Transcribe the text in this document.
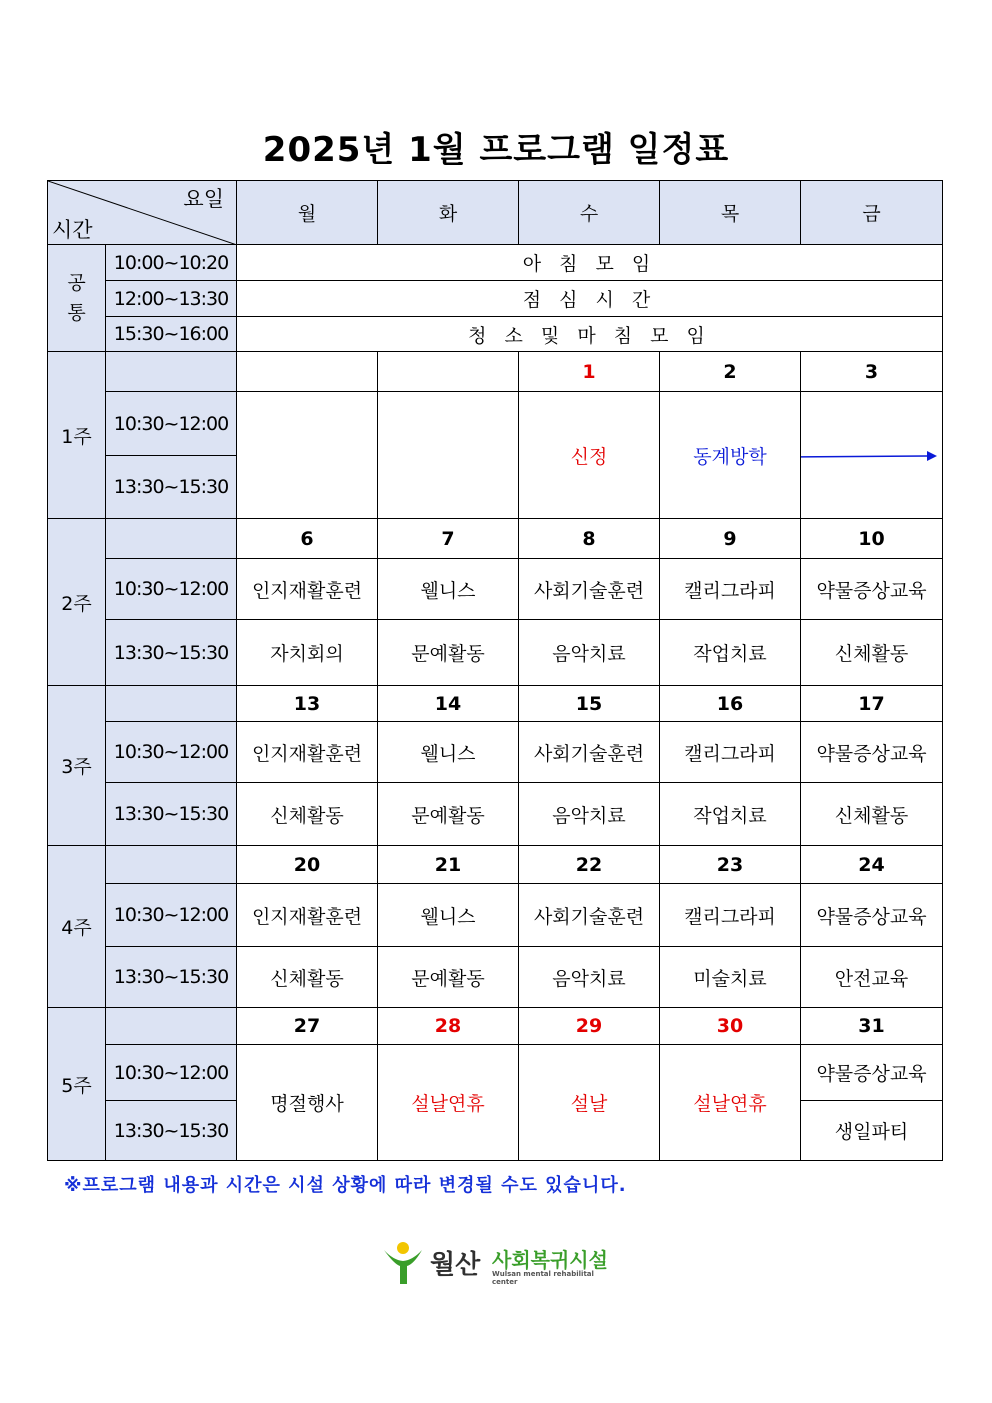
2025년 1월 프로그램 일정표
요일
시간		월	화	수	목	금

공
통	10:00~10:20	아 침 모 임				
	12:00~13:30	점 심 시 간				
	15:30~16:00	청 소 및 마 침 모 임				
1주				1	2	3
	10:30~12:00			신정	동계방학	

	13:30~15:30					
2주		6	7	8	9	10
	10:30~12:00	인지재활훈련	웰니스	사회기술훈련	캘리그라피	약물증상교육
	13:30~15:30	자치회의	문예활동	음악치료	작업치료	신체활동
3주		13	14	15	16	17
	10:30~12:00	인지재활훈련	웰니스	사회기술훈련	캘리그라피	약물증상교육
	13:30~15:30	신체활동	문예활동	음악치료	작업치료	신체활동
4주		20	21	22	23	24
	10:30~12:00	인지재활훈련	웰니스	사회기술훈련	캘리그라피	약물증상교육
	13:30~15:30	신체활동	문예활동	음악치료	미술치료	안전교육
5주		27	28	29	30	31
	10:30~12:00	명절행사	설날연휴	설날	설날연휴	약물증상교육
	13:30~15:30					생일파티
※프로그램 내용과 시간은 시설 상황에 따라 변경될 수도 있습니다.
월산 사회복귀시설
Wulsan mental rehabilital center
